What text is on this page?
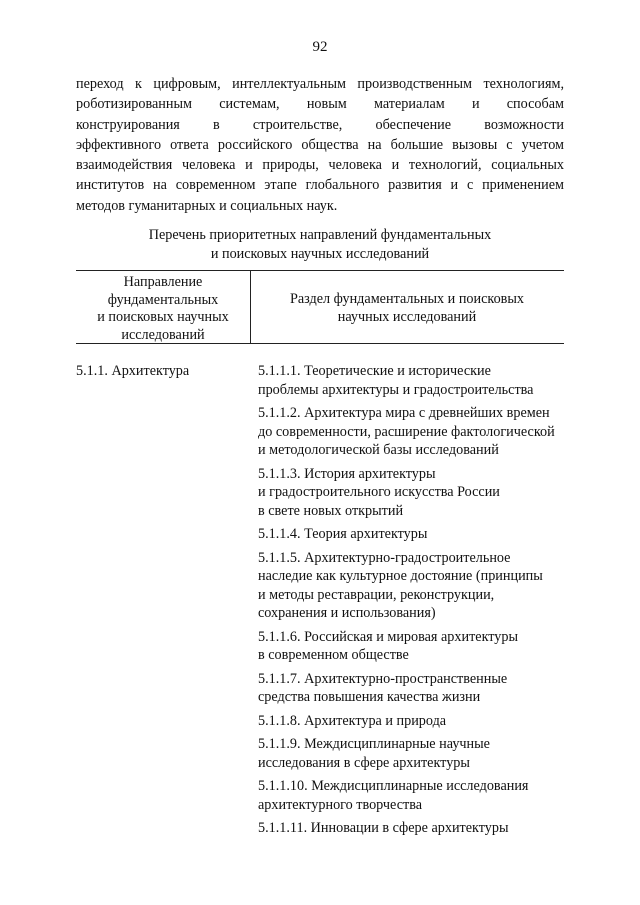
92

переход к цифровым, интеллектуальным производственным технологиям,
роботизированным системам, новым материалам и способам
конструирования в строительстве, обеспечение возможности
эффективного ответа российского общества на большие вызовы с учетом
взаимодействия человека и природы, человека и технологий, социальных
институтов на современном этапе глобального развития и с применением
методов гуманитарных и социальных наук.

Перечень приоритетных направлений фундаментальных
и поисковых научных исследований
Направление
фундаментальных
и поисковых научных
исследований
Раздел фундаментальных и поисковых
научных исследований
5.1.1. Архитектура	5.1.1.1. Теоретические и исторические
проблемы архитектуры и градостроительства
5.1.1.2. Архитектура мира с древнейших времен
до современности, расширение фактологической
и методологической базы исследований
5.1.1.3. История архитектуры
и градостроительного искусства России
в свете новых открытий
5.1.1.4. Теория архитектуры
5.1.1.5. Архитектурно-градостроительное
наследие как культурное достояние (принципы
и методы реставрации, реконструкции,
сохранения и использования)
5.1.1.6. Российская и мировая архитектуры
в современном обществе
5.1.1.7. Архитектурно-пространственные
средства повышения качества жизни
5.1.1.8. Архитектура и природа
5.1.1.9. Междисциплинарные научные
исследования в сфере архитектуры
5.1.1.10. Междисциплинарные исследования
архитектурного творчества
5.1.1.11. Инновации в сфере архитектуры
